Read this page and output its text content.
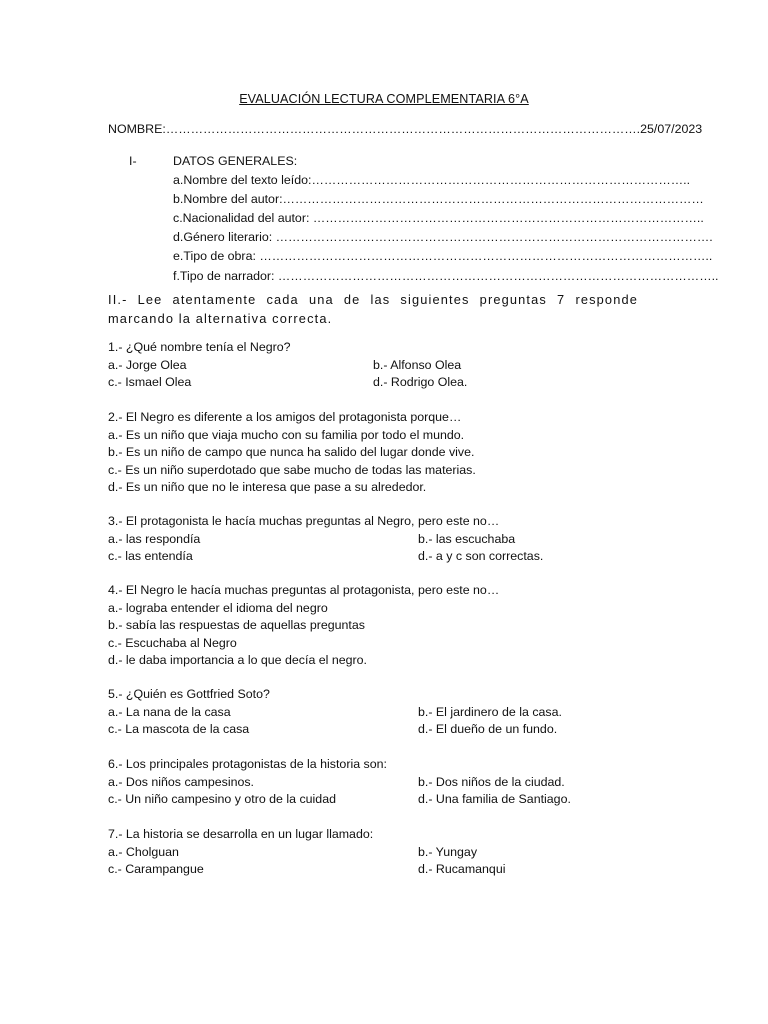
EVALUACIÓN LECTURA COMPLEMENTARIA 6°A
NOMBRE:…………………………………………………………………………………………………….25/07/2023
I-	DATOS GENERALES:
a. Nombre del texto leído:………………………………………………………………………………..
b. Nombre del autor:…………………………………………………………………………………………
c. Nacionalidad del autor: …………………………………………………………………………………..
d. Género literario: …………………………………………………………………………………………….
e. Tipo de obra: ………………………………………………………………………………………………..
f. Tipo de narrador: ……………………………………………………………………………………………..
II.- Lee atentamente cada una de las siguientes preguntas 7 responde marcando la alternativa correcta.
1.- ¿Qué nombre tenía el Negro?
a.- Jorge Olea	b.- Alfonso Olea
c.- Ismael Olea	d.- Rodrigo Olea.
2.- El Negro es diferente a los amigos del protagonista porque…
a.- Es un niño que viaja mucho con su familia por todo el mundo.
b.- Es un niño de campo que nunca ha salido del lugar donde vive.
c.- Es un niño superdotado que sabe mucho de todas las materias.
d.- Es un niño que no le interesa que pase a su alrededor.
3.- El protagonista le hacía muchas preguntas al Negro, pero este no…
a.- las respondía	b.- las escuchaba
c.- las entendía	d.- a y c son correctas.
4.- El Negro le hacía muchas preguntas al protagonista, pero este no…
a.- lograba entender el idioma del negro
b.- sabía las respuestas de aquellas preguntas
c.- Escuchaba al Negro
d.- le daba importancia a lo que decía el negro.
5.- ¿Quién es Gottfried Soto?
a.- La nana de la casa	b.- El jardinero de la casa.
c.- La mascota de la casa	d.- El dueño de un fundo.
6.- Los principales protagonistas de la historia son:
a.- Dos niños campesinos.	b.- Dos niños de la ciudad.
c.- Un niño campesino y otro de la cuidad	d.- Una familia de Santiago.
7.- La historia se desarrolla en un lugar llamado:
a.- Cholguan	b.- Yungay
c.- Carampangue	d.- Rucamanqui
